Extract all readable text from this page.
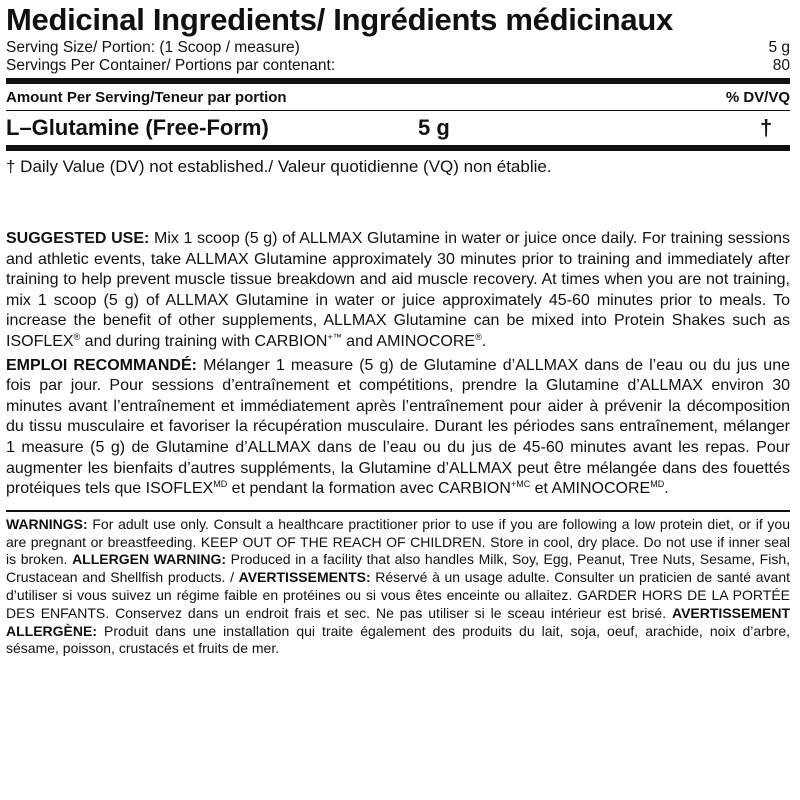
Medicinal Ingredients/ Ingrédients médicinaux
Serving Size/ Portion: (1 Scoop / measure)	5 g
Servings Per Container/ Portions par contenant:	80
Amount Per Serving/Teneur par portion	% DV/VQ
L–Glutamine (Free-Form)	5 g	†
† Daily Value (DV) not established./ Valeur quotidienne (VQ) non établie.

SUGGESTED USE: Mix 1 scoop (5 g) of ALLMAX Glutamine in water or juice once daily. For training sessions and athletic events, take ALLMAX Glutamine approximately 30 minutes prior to training and immediately after training to help prevent muscle tissue breakdown and aid muscle recovery. At times when you are not training, mix 1 scoop (5 g) of ALLMAX Glutamine in water or juice approximately 45-60 minutes prior to meals. To increase the benefit of other supplements, ALLMAX Glutamine can be mixed into Protein Shakes such as ISOFLEX® and during training with CARBION+™ and AMINOCORE®.

EMPLOI RECOMMANDÉ: Mélanger 1 measure (5 g) de Glutamine d’ALLMAX dans de l’eau ou du jus une fois par jour. Pour sessions d’entraînement et compétitions, prendre la Glutamine d’ALLMAX environ 30 minutes avant l’entraînement et immédiatement après l’entraînement pour aider à prévenir la décomposition du tissu musculaire et favoriser la récupération musculaire. Durant les périodes sans entraînement, mélanger 1 measure (5 g) de Glutamine d’ALLMAX dans de l’eau ou du jus de 45-60 minutes avant les repas. Pour augmenter les bienfaits d’autres suppléments, la Glutamine d’ALLMAX peut être mélangée dans des fouettés protéiques tels que $ISOFLEX^{MD}$ et pendant la formation avec $CARBION^{+MC}$ et $AMINOCORE^{MD}$.

WARNINGS: For adult use only. Consult a healthcare practitioner prior to use if you are following a low protein diet, or if you are pregnant or breastfeeding. KEEP OUT OF THE REACH OF CHILDREN. Store in cool, dry place. Do not use if inner seal is broken. ALLERGEN WARNING: Produced in a facility that also handles Milk, Soy, Egg, Peanut, Tree Nuts, Sesame, Fish, Crustacean and Shellfish products. / AVERTISSEMENTS: Réservé à un usage adulte. Consulter un praticien de santé avant d’utiliser si vous suivez un régime faible en protéines ou si vous êtes enceinte ou allaitez. GARDER HORS DE LA PORTÉE DES ENFANTS. Conservez dans un endroit frais et sec. Ne pas utiliser si le sceau intérieur est brisé. AVERTISSEMENT ALLERGÈNE: Produit dans une installation qui traite également des produits du lait, soja, oeuf, arachide, noix d’arbre, sésame, poisson, crustacés et fruits de mer.
